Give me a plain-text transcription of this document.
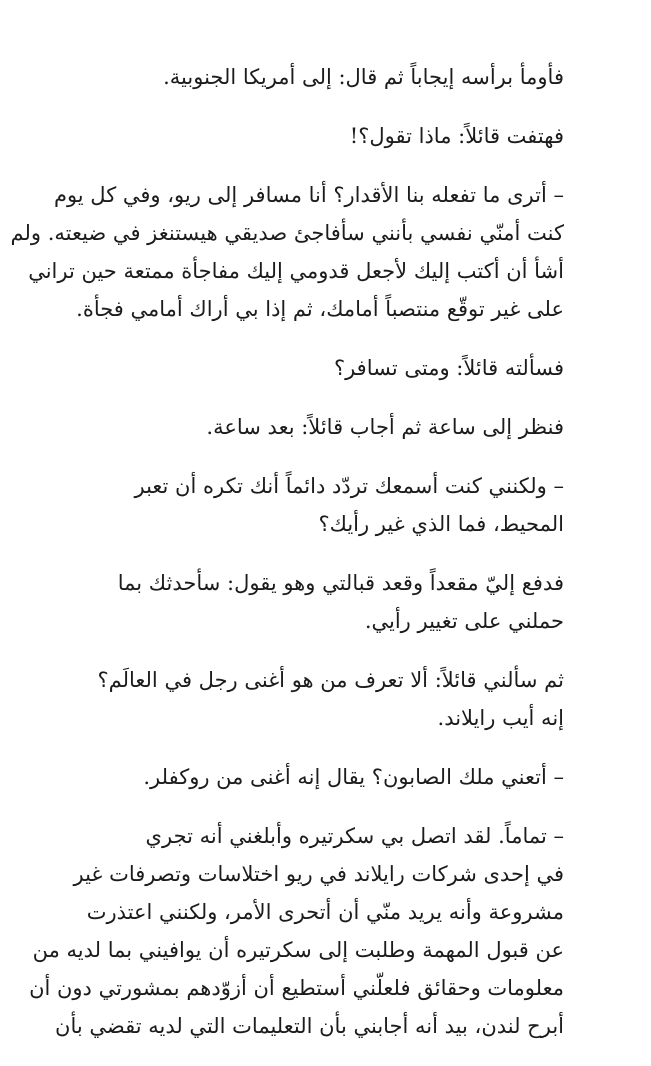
فأومأ برأسه إيجاباً ثم قال: إلى أمريكا الجنوبية.

فهتفت قائلاً: ماذا تقول؟!

– أترى ما تفعله بنا الأقدار؟ أنا مسافر إلى ريو، وفي كل يوم
كنت أمنّي نفسي بأنني سأفاجئ صديقي هيستنغز في ضيعته. ولم
أشأ أن أكتب إليك لأجعل قدومي إليك مفاجأة ممتعة حين تراني
على غير توقّع منتصباً أمامك، ثم إذا بي أراك أمامي فجأة.

فسألته قائلاً: ومتى تسافر؟

فنظر إلى ساعة ثم أجاب قائلاً: بعد ساعة.

– ولكنني كنت أسمعك تردّد دائماً أنك تكره أن تعبر
المحيط، فما الذي غير رأيك؟

فدفع إليّ مقعداً وقعد قبالتي وهو يقول: سأحدثك بما
حملني على تغيير رأيي.

ثم سألني قائلاً: ألا تعرف من هو أغنى رجل في العالَم؟
إنه أيب رايلاند.

– أتعني ملك الصابون؟ يقال إنه أغنى من روكفلر.

– تماماً. لقد اتصل بي سكرتيره وأبلغني أنه تجري
في إحدى شركات رايلاند في ريو اختلاسات وتصرفات غير
مشروعة وأنه يريد منّي أن أتحرى الأمر، ولكنني اعتذرت
عن قبول المهمة وطلبت إلى سكرتيره أن يوافيني بما لديه من
معلومات وحقائق فلعلّني أستطيع أن أزوّدهم بمشورتي دون أن
أبرح لندن، بيد أنه أجابني بأن التعليمات التي لديه تقضي بأن
